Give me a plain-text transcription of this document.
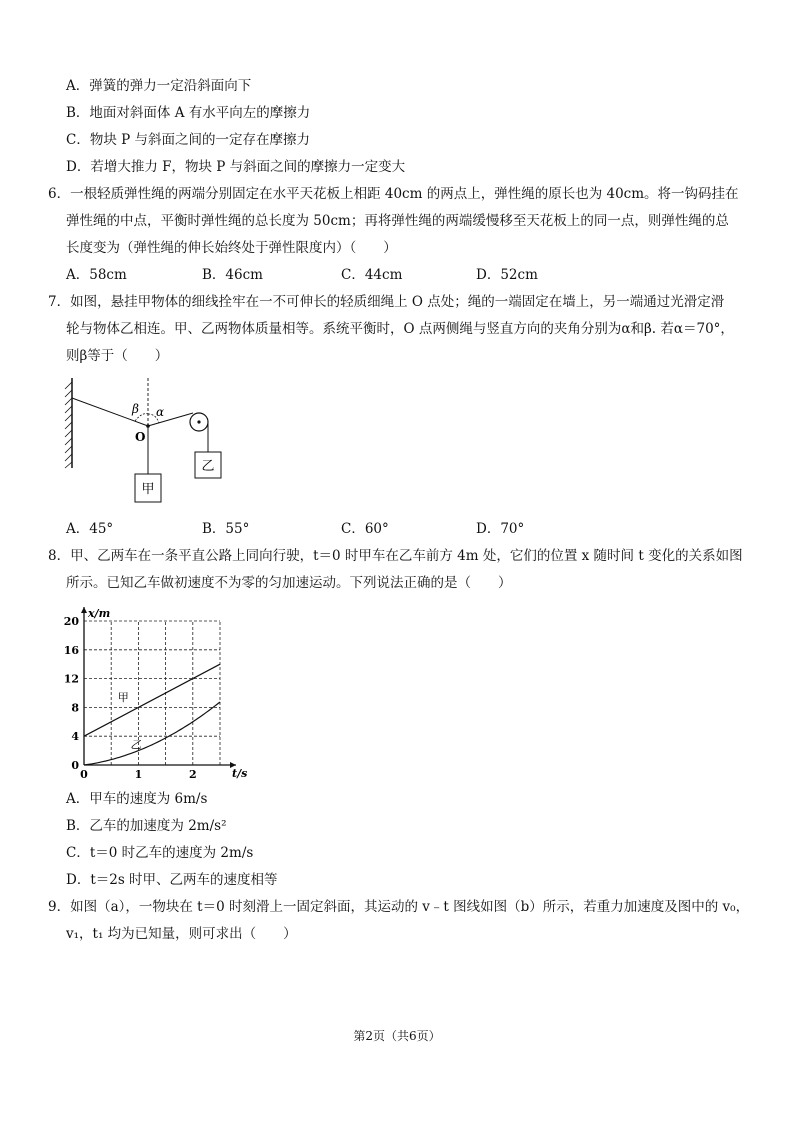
A．弹簧的弹力一定沿斜面向下
B．地面对斜面体 A 有水平向左的摩擦力
C．物块 P 与斜面之间的一定存在摩擦力
D．若增大推力 F，物块 P 与斜面之间的摩擦力一定变大
6．一根轻质弹性绳的两端分别固定在水平天花板上相距 40cm 的两点上，弹性绳的原长也为 40cm。将一钩码挂在
弹性绳的中点，平衡时弹性绳的总长度为 50cm；再将弹性绳的两端缓慢移至天花板上的同一点，则弹性绳的总
长度变为（弹性绳的伸长始终处于弹性限度内）（　　）
A．58cm	B．46cm	C．44cm	D．52cm
7．如图，悬挂甲物体的细线拴牢在一不可伸长的轻质细绳上 O 点处；绳的一端固定在墙上，另一端通过光滑定滑
轮与物体乙相连。甲、乙两物体质量相等。系统平衡时，O 点两侧绳与竖直方向的夹角分别为α和β. 若α＝70°，
则β等于（　　）
β α
O
甲
乙
A．45°	B．55°	C．60°	D．70°
8．甲、乙两车在一条平直公路上同向行驶，t＝0 时甲车在乙车前方 4m 处，它们的位置 x 随时间 t 变化的关系如图
所示。已知乙车做初速度不为零的匀加速运动。下列说法正确的是（　　）
0
4
8
12
16
20
0	1	2	t/s
x/m
甲
乙
A．甲车的速度为 6m/s
B．乙车的加速度为 2m/s²
C．t＝0 时乙车的速度为 2m/s
D．t＝2s 时甲、乙两车的速度相等
9．如图（a），一物块在 t＝0 时刻滑上一固定斜面，其运动的 v﹣t 图线如图（b）所示，若重力加速度及图中的 v₀，
v₁，t₁ 均为已知量，则可求出（　　）
第2页（共6页）
